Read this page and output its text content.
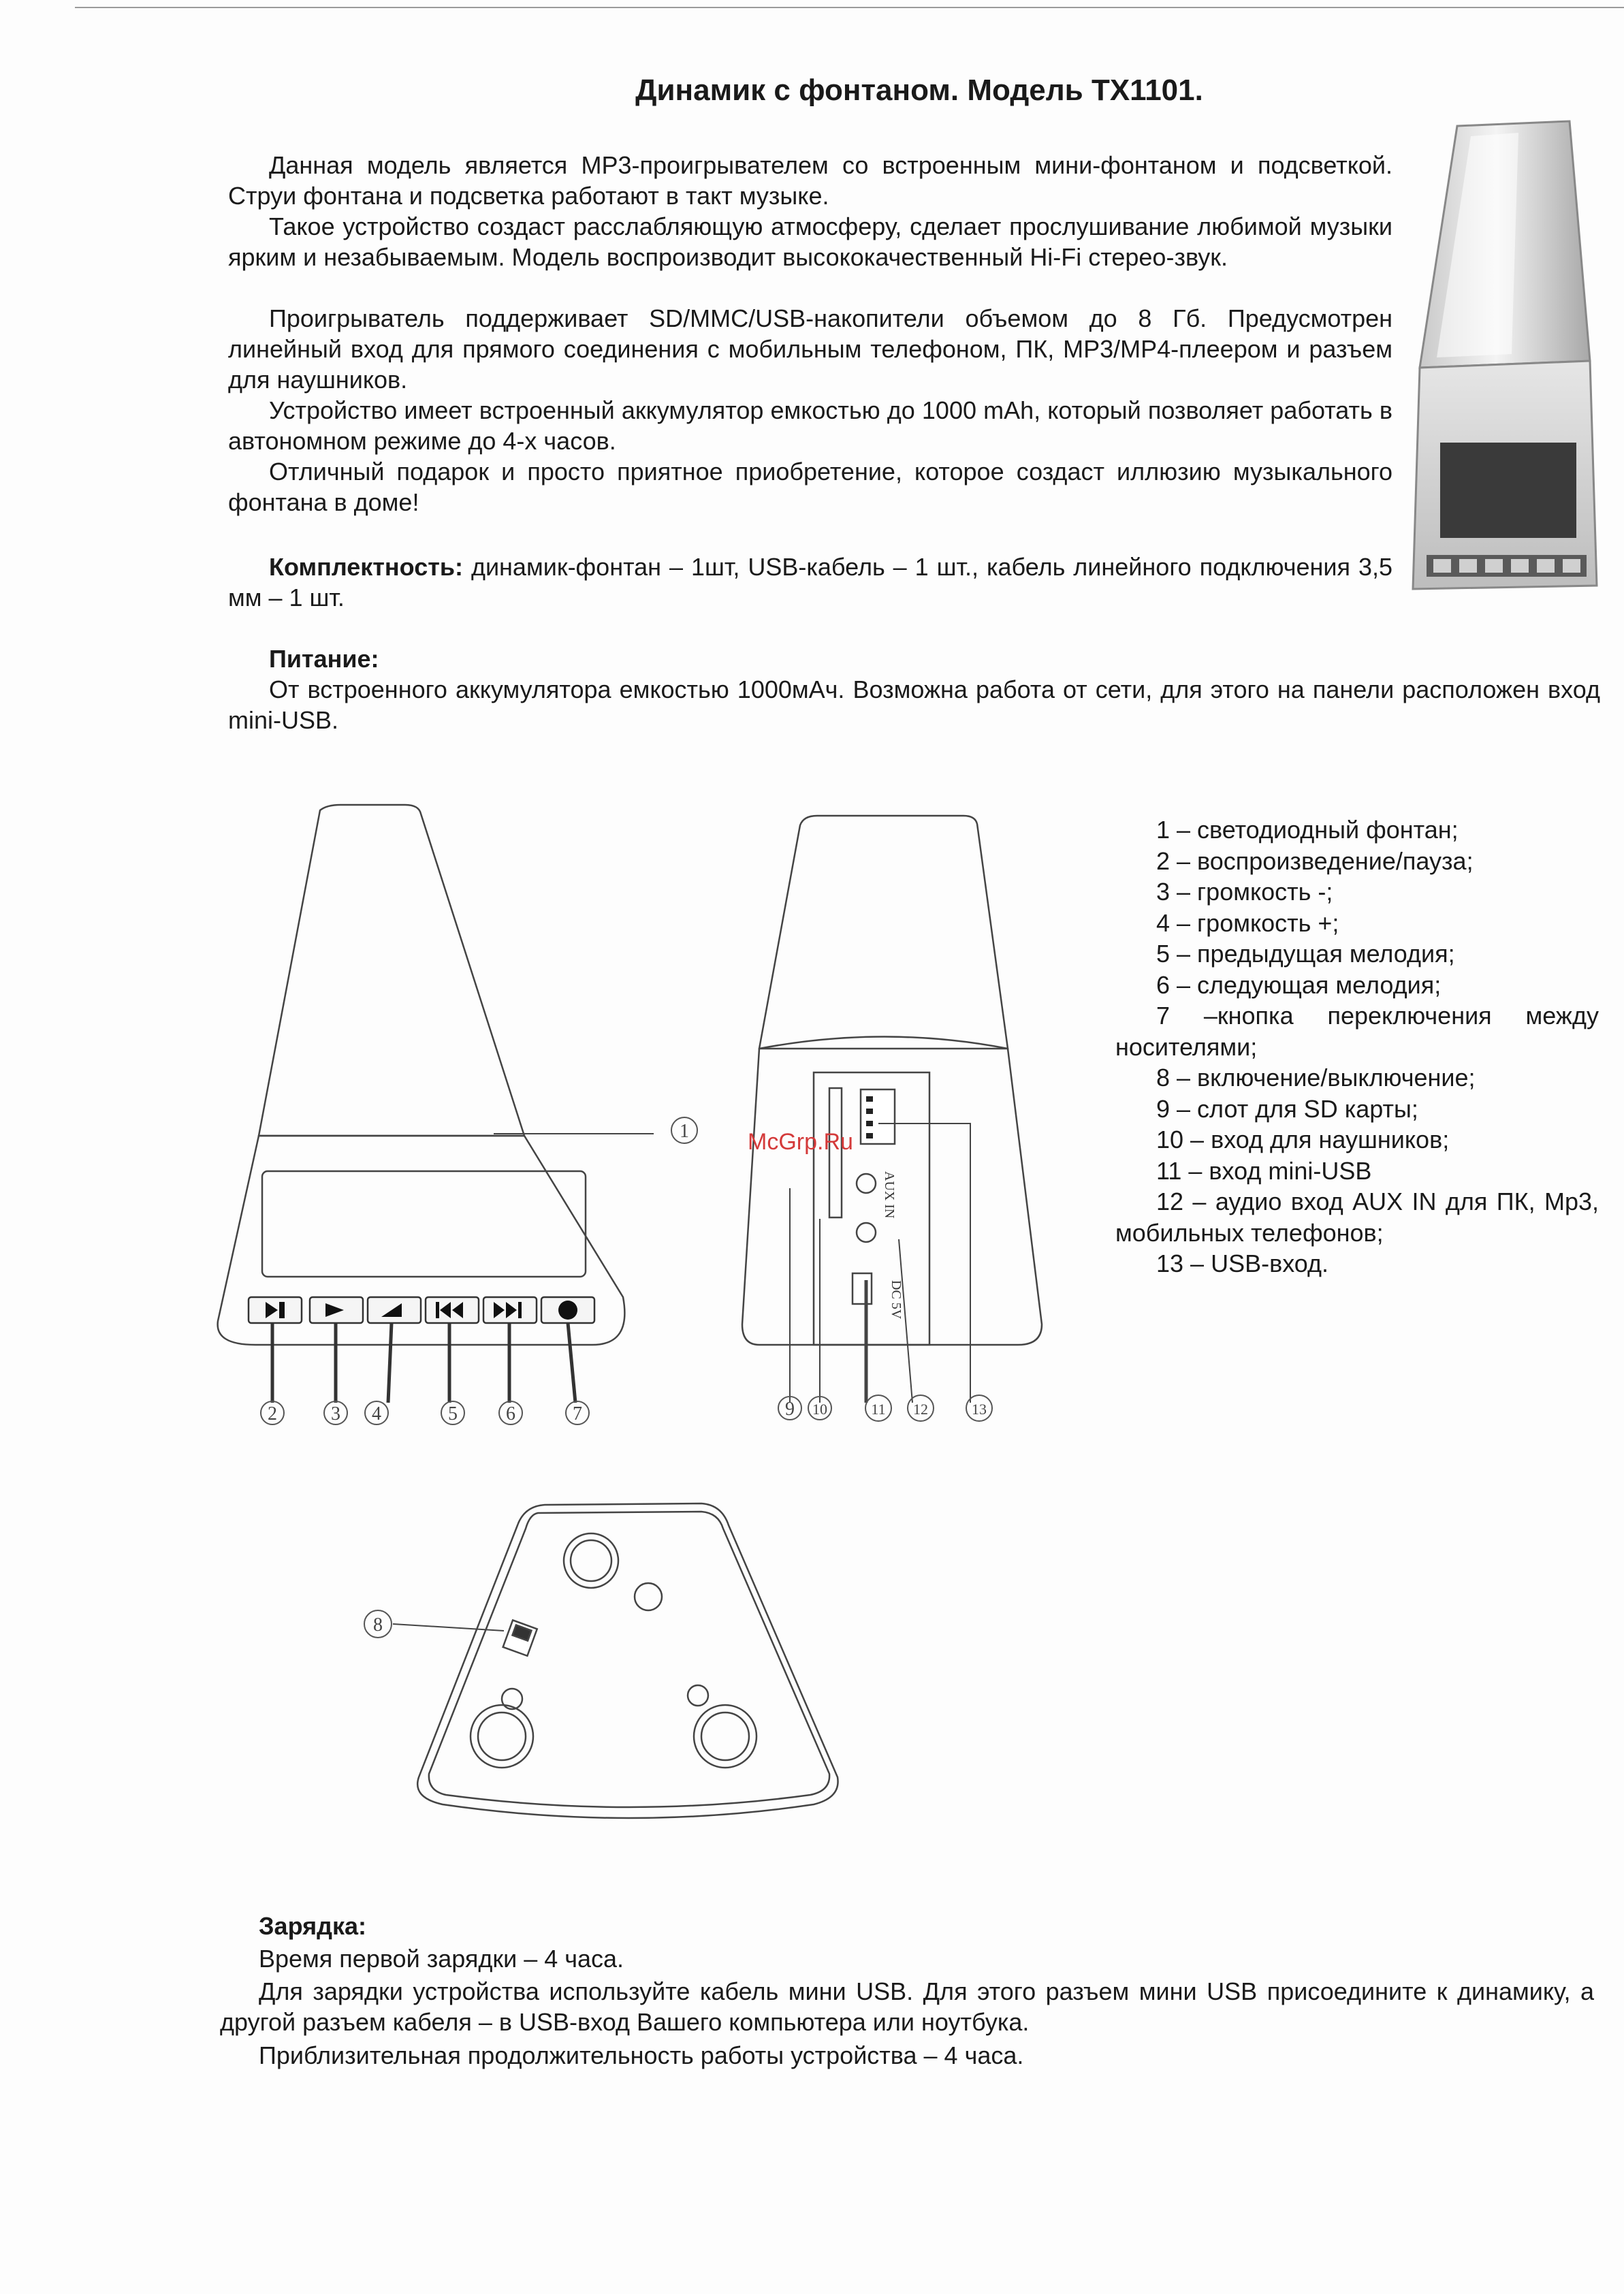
Динамик с фонтаном. Модель TX1101.
Данная модель является MP3-проигрывателем со встроенным мини-фонтаном и подсветкой. Струи фонтана и подсветка работают в такт музыке.
Такое устройство создаст расслабляющую атмосферу, сделает прослушивание любимой музыки ярким и незабываемым. Модель воспроизводит высококачественный Hi-Fi стерео-звук.
Проигрыватель поддерживает SD/MMC/USB-накопители объемом до 8 Гб. Предусмотрен линейный вход для прямого соединения с мобильным телефоном, ПК, MP3/MP4-плеером и разъем для наушников.
Устройство имеет встроенный аккумулятор емкостью до 1000 mAh, который позволяет работать в автономном режиме до 4-х часов.
Отличный подарок и просто приятное приобретение, которое создаст иллюзию музыкального фонтана в доме!
Комплектность: динамик-фонтан – 1шт, USB-кабель – 1 шт., кабель линейного подключения 3,5 мм – 1 шт.
Питание:
От встроенного аккумулятора емкостью 1000мАч. Возможна работа от сети, для этого на панели расположен вход mini-USB.
1
2	3 4	5	6	7
AUX IN
DC 5V
9 10	11 12	13
8
1 – светодиодный фонтан;
2 – воспроизведение/пауза;
3 – громкость -;
4 – громкость +;
5 – предыдущая мелодия;
6 – следующая мелодия;
7 –кнопка переключения между носителями;
8 – включение/выключение;
9 – слот для SD карты;
10 – вход для наушников;
11 – вход mini-USB
12 – аудио вход AUX IN для ПК, Mp3, мобильных телефонов;
13 – USB-вход.
McGrp.Ru
Зарядка:
Время первой зарядки – 4 часа.
Для зарядки устройства используйте кабель мини USB. Для этого разъем мини USB присоедините к динамику, а другой разъем кабеля – в USB-вход Вашего компьютера или ноутбука.
Приблизительная продолжительность работы устройства – 4 часа.
